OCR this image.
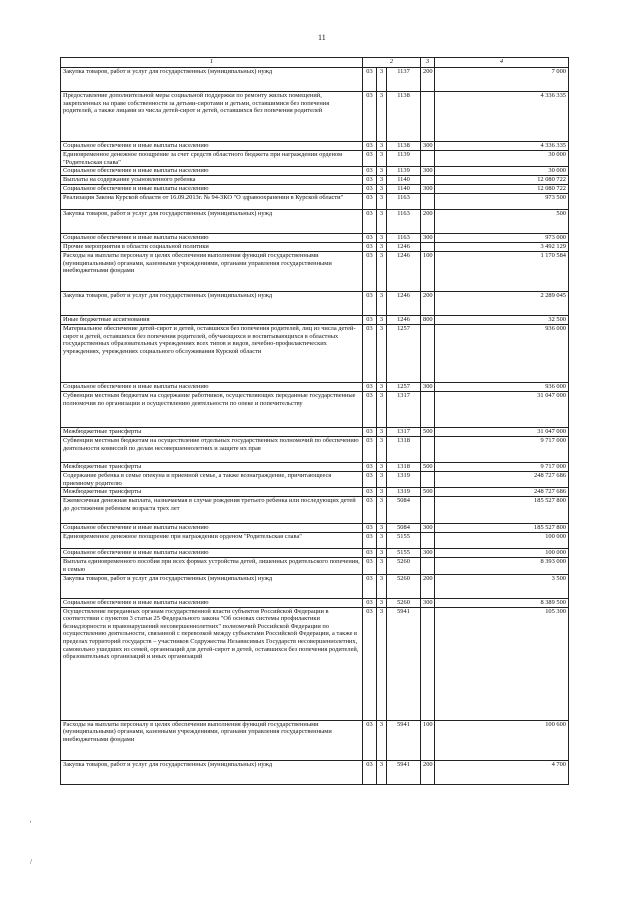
11
1	2			3	4
Закупка товаров, работ и услуг для государственных (муниципальных) нужд	03	3	1137	200	7 000
Предоставление дополнительной меры социальной поддержки по ремонту жилых помещений, закрепленных на праве собственности за детьми-сиротами и детьми, оставшимися без попечения родителей, а также лицами из числа детей-сирот и детей, оставшихся без попечения родителей	03	3	1138		4 336 335
Социальное обеспечение и иные выплаты населению	03	3	1138	300	4 336 335
Единовременное денежное поощрение за счет средств областного бюджета при награждении орденом "Родительская слава"	03	3	1139		30 000
Социальное обеспечение и иные выплаты населению	03	3	1139	300	30 000
Выплаты на содержание усыновленного ребенка	03	3	1140		12 080 722
Социальное обеспечение и иные выплаты населению	03	3	1140	300	12 080 722
Реализация Закона Курской области от 16.09.2013г. № 94-ЗКО "О здравоохранении в Курской области"	03	3	1163		973 500
Закупка товаров, работ и услуг для государственных (муниципальных) нужд	03	3	1163	200	500
Социальное обеспечение и иные выплаты населению	03	3	1163	300	973 000
Прочие мероприятия в области социальной политики	03	3	1246		3 492 129
Расходы на выплаты персоналу в целях обеспечения выполнения функций государственными (муниципальными) органами, казенными учреждениями, органами управления государственными внебюджетными фондами	03	3	1246	100	1 170 584
Закупка товаров, работ и услуг для государственных (муниципальных) нужд	03	3	1246	200	2 289 045
Иные бюджетные ассигнования	03	3	1246	800	32 500
Материальное обеспечение детей-сирот и детей, оставшихся без попечения родителей, лиц из числа детей-сирот и детей, оставшихся без попечения родителей, обучающихся и воспитывающихся в областных государственных образовательных учреждениях всех типов и видов, лечебно-профилактических учреждениях, учреждениях социального обслуживания Курской области	03	3	1257		936 000
Социальное обеспечение и иные выплаты населению	03	3	1257	300	936 000
Субвенции местным бюджетам на содержание работников, осуществляющих переданные государственные полномочия по организации и осуществлению деятельности по опеке и попечительству	03	3	1317		31 047 000
Межбюджетные трансферты	03	3	1317	500	31 047 000
Субвенции местным бюджетам на осуществление отдельных государственных полномочий по обеспечению деятельности комиссий по делам несовершеннолетних и защите их прав	03	3	1318		9 717 000
Межбюджетные трансферты	03	3	1318	500	9 717 000
Содержание ребенка в семье опекуна и приемной семье, а также вознаграждение, причитающееся приемному родителю	03	3	1319		248 727 686
Межбюджетные трансферты	03	3	1319	500	248 727 686
Ежемесячная денежная выплата, назначаемая в случае рождения третьего ребенка или последующих детей до достижения ребенком возраста трех лет	03	3	5084		185 527 800
Социальное обеспечение и иные выплаты населению	03	3	5084	300	185 527 800
Единовременное денежное поощрение при награждении орденом "Родительская слава"	03	3	5155		100 000
Социальное обеспечение и иные выплаты населению	03	3	5155	300	100 000
Выплата единовременного пособия при всех формах устройства детей, лишенных родительского попечения, в семью	03	3	5260		8 393 000
Закупка товаров, работ и услуг для государственных (муниципальных) нужд	03	3	5260	200	3 500
Социальное обеспечение и иные выплаты населению	03	3	5260	300	8 389 500
Осуществление переданных органам государственной власти субъектов Российской Федерации в соответствии с пунктом 3 статьи 25 Федерального закона "Об основах системы профилактики безнадзорности и правонарушений несовершеннолетних" полномочий Российской Федерации по осуществлению деятельности, связанной с перевозкой между субъектами Российской Федерации, а также в пределах территорий государств – участников Содружества Независимых Государств несовершеннолетних, самовольно ушедших из семей, организаций для детей-сирот и детей, оставшихся без попечения родителей, образовательных организаций и иных организаций	03	3	5941		105 300
Расходы на выплаты персоналу в целях обеспечения выполнения функций государственными (муниципальными) органами, казенными учреждениями, органами управления государственными внебюджетными фондами	03	3	5941	100	100 600
Закупка товаров, работ и услуг для государственных (муниципальных) нужд	03	3	5941	200	4 700
'
/
